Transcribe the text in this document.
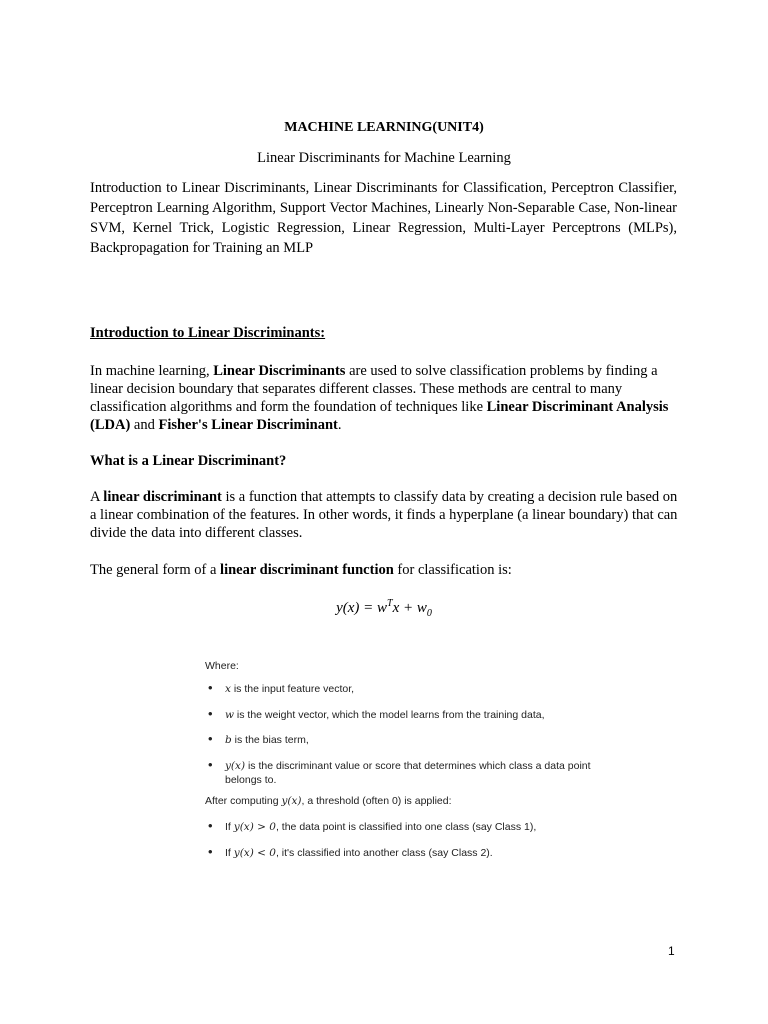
MACHINE LEARNING(UNIT4)
Linear Discriminants for Machine Learning
Introduction to Linear Discriminants, Linear Discriminants for Classification, Perceptron Classifier, Perceptron Learning Algorithm, Support Vector Machines, Linearly Non-Separable Case, Non-linear SVM, Kernel Trick, Logistic Regression, Linear Regression, Multi-Layer Perceptrons (MLPs), Backpropagation for Training an MLP
Introduction to Linear Discriminants:
In machine learning, Linear Discriminants are used to solve classification problems by finding a linear decision boundary that separates different classes. These methods are central to many classification algorithms and form the foundation of techniques like Linear Discriminant Analysis (LDA) and Fisher's Linear Discriminant.
What is a Linear Discriminant?
A linear discriminant is a function that attempts to classify data by creating a decision rule based on a linear combination of the features. In other words, it finds a hyperplane (a linear boundary) that can divide the data into different classes.
The general form of a linear discriminant function for classification is:
$y(x) = w^Tx + w_0$
Where:
• x is the input feature vector,
• w is the weight vector, which the model learns from the training data,
• b is the bias term,
• y(x) is the discriminant value or score that determines which class a data point belongs to.
After computing y(x), a threshold (often 0) is applied:
• If y(x) > 0, the data point is classified into one class (say Class 1),
• If y(x) < 0, it's classified into another class (say Class 2).
1
